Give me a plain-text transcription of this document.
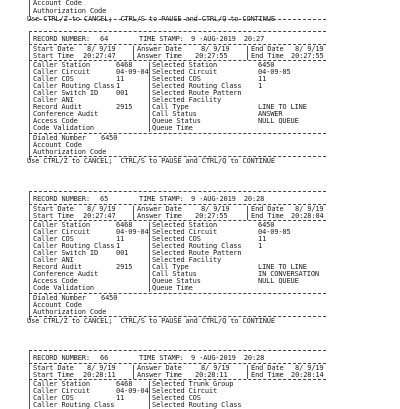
Account Code
Authorization Code
Use CTRL/Z to CANCEL;  CTRL/S to PAUSE and CTRL/Q to CONTINUE
RECORD NUMBER: 64	TIME STAMP: 9 -AUG-2019  20:27
Start Date 8/ 9/19	Answer Date	8/ 9/19	End Date 8/ 9/19
Start Time 20:27:47	Answer Time 20:27:55	End Time 20:27:55
Caller Station	6468	Selected Station	6450
Caller Circuit	04-09-04 Selected Circuit	04-09-05
Caller COS	11	Selected COS	11
Caller Routing Class 1	Selected Routing Class 1
Caller Switch ID	001	Selected Route Pattern
Caller ANI	Selected Facility
Record Audit	2915	Call Type	LINE TO LINE
Conference Audit	Call Status	ANSWER
Access Code	Queue Status	NULL QUEUE
Code Validation	Queue Time
Dialed Number 6450
Account Code
Authorization Code
Use CTRL/Z to CANCEL;  CTRL/S to PAUSE and CTRL/Q to CONTINUE
RECORD NUMBER: 65	TIME STAMP: 9 -AUG-2019  20:28
Start Date 8/ 9/19	Answer Date	8/ 9/19	End Date 8/ 9/19
Start Time 20:27:47	Answer Time 20:27:55	End Time 20:28:04
Caller Station	6468	Selected Station	6450
Caller Circuit	04-09-04 Selected Circuit	04-09-05
Caller COS	11	Selected COS	11
Caller Routing Class 1	Selected Routing Class 1
Caller Switch ID	001	Selected Route Pattern
Caller ANI	Selected Facility
Record Audit	2915	Call Type	LINE TO LINE
Conference Audit	Call Status	IN CONVERSATION
Access Code	Queue Status	NULL QUEUE
Code Validation	Queue Time
Dialed Number 6450
Account Code
Authorization Code
Use CTRL/Z to CANCEL;  CTRL/S to PAUSE and CTRL/Q to CONTINUE
RECORD NUMBER: 66	TIME STAMP: 9 -AUG-2019  20:28
Start Date 8/ 9/19	Answer Date	8/ 9/19	End Date 8/ 9/19
Start Time 20:28:11	Answer Time 20:28:11	End Time 20:28:14
Caller Station	6468	Selected Trunk Group
Caller Circuit	04-09-04 Selected Circuit
Caller COS	11	Selected COS
Caller Routing Class	Selected Routing Class
